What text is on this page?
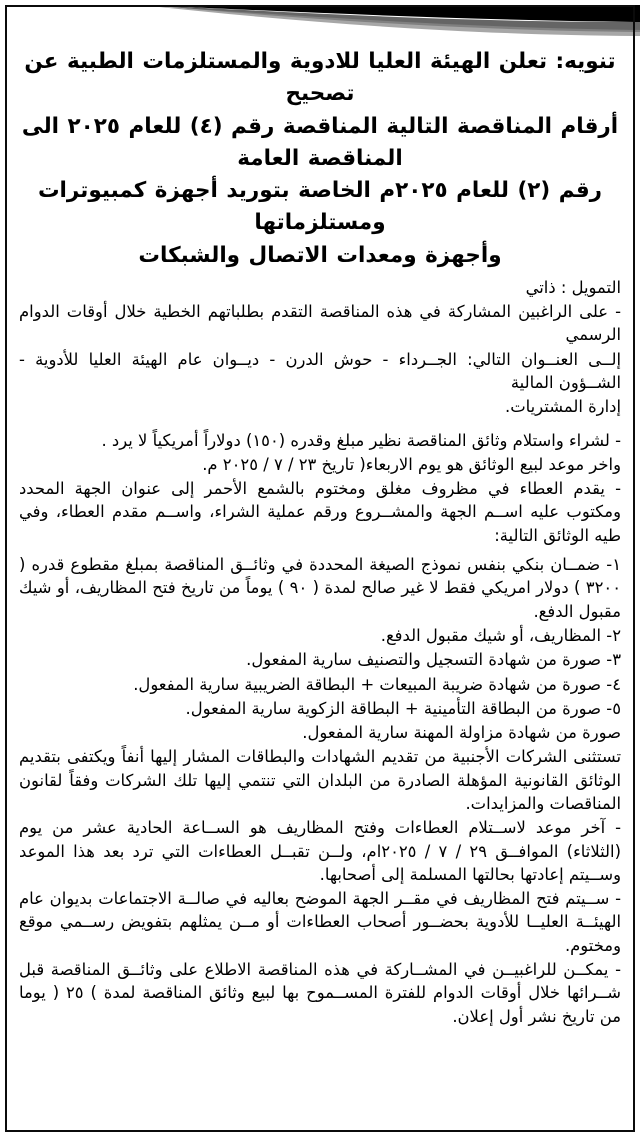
تنويه: تعلن الهيئة العليا للادوية والمستلزمات الطبية عن تصحيح
أرقام المناقصة التالية المناقصة رقم (٤) للعام ٢٠٢٥ الى المناقصة العامة
رقم (٢) للعام ٢٠٢٥م الخاصة بتوريد أجهزة كمبيوترات ومستلزماتها
وأجهزة ومعدات الاتصال والشبكات

التمويل : ذاتي

- على الراغبين المشاركة في هذه المناقصة التقدم بطلباتهم الخطية خلال أوقات الدوام الرسمي

إلــى العنــوان التالي: الجــرداء - حوش الدرن - ديــوان عام الهيئة العليا للأدوية - الشــؤون المالية

إدارة المشتريات.

- لشراء واستلام وثائق المناقصة نظير مبلغ وقدره (١٥٠) دولاراً أمريكياً لا يرد .

واخر موعد لبيع الوثائق هو يوم الاربعاء( تاريخ ٢٣ / ٧ / ٢٠٢٥ م.

- يقدم العطاء في مظروف مغلق ومختوم بالشمع الأحمر إلى عنوان الجهة المحدد ومكتوب عليه اســم الجهة والمشــروع ورقم عملية الشراء، واســم مقدم العطاء، وفي طيه الوثائق التالية:

١- ضمــان بنكي بنفس نموذج الصيغة المحددة في وثائــق المناقصة بمبلغ مقطوع قدره ( ٣٢٠٠ ) دولار امريكي فقط لا غير صالح لمدة ( ٩٠ ) يوماً من تاريخ فتح المظاريف، أو شيك مقبول الدفع.

٢- المظاريف، أو شيك مقبول الدفع.

٣- صورة من شهادة التسجيل والتصنيف سارية المفعول.

٤- صورة من شهادة ضريبة المبيعات + البطاقة الضريبية سارية المفعول.

٥- صورة من البطاقة التأمينية + البطاقة الزكوية سارية المفعول.

صورة من شهادة مزاولة المهنة سارية المفعول.

تستثنى الشركات الأجنبية من تقديم الشهادات والبطاقات المشار إليها أنفاً ويكتفى بتقديم الوثائق القانونية المؤهلة الصادرة من البلدان التي تنتمي إليها تلك الشركات وفقاً لقانون المناقصات والمزايدات.

- آخر موعد لاســتلام العطاءات وفتح المظاريف هو الســاعة الحادية عشر من يوم (الثلاثاء) الموافــق ٢٩ / ٧ / ٢٠٢٥ام، ولــن تقبــل العطاءات التي ترد بعد هذا الموعد وســيتم إعادتها بحالتها المسلمة إلى أصحابها.

- ســيتم فتح المظاريف في مقــر الجهة الموضح بعاليه في صالــة الاجتماعات بديوان عام الهيئــة العليــا للأدوية بحضــور أصحاب العطاءات أو مــن يمثلهم بتفويض رســمي موقع ومختوم.

- يمكــن للراغبيــن في المشــاركة في هذه المناقصة الاطلاع على وثائــق المناقصة قبل شــرائها خلال أوقات الدوام للفترة المســموح بها لبيع وثائق المناقصة لمدة ) ٢٥ ( يوما من تاريخ نشر أول إعلان.
